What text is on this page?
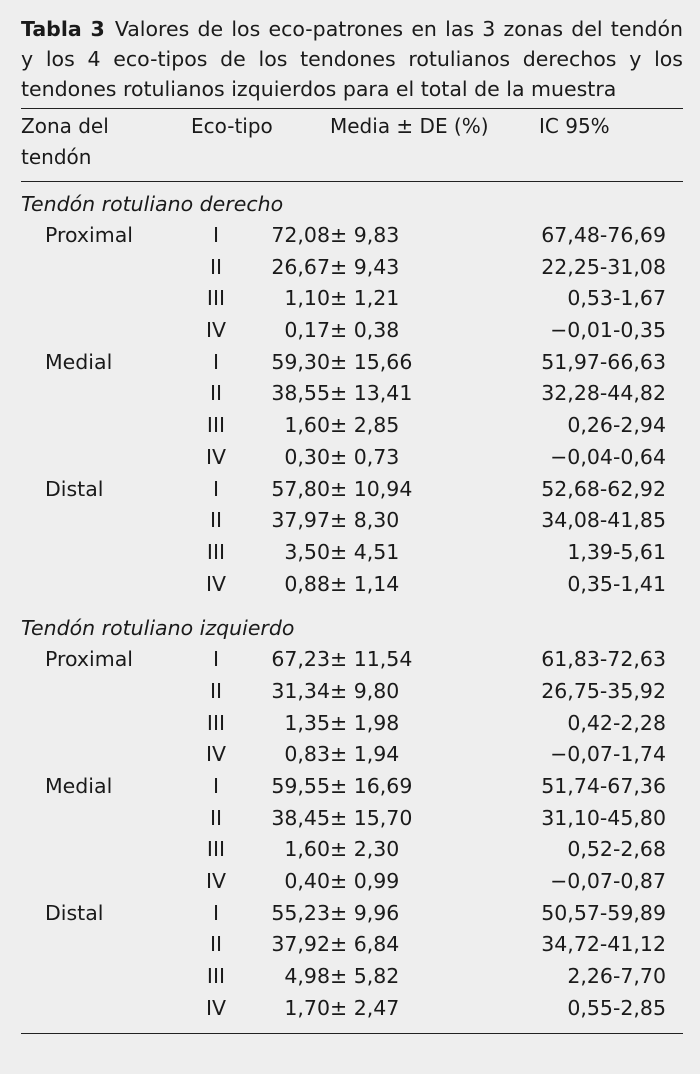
Tabla 3 Valores de los eco-patrones en las 3 zonas del tendón y los 4 eco-tipos de los tendones rotulianos derechos y los tendones rotulianos izquierdos para el total de la muestra
Zona del tendón
Eco-tipo	Media ± DE (%)	IC 95%
Tendón rotuliano derecho
Proximal	I	72,08± 9,83	67,48-76,69
II	26,67± 9,43	22,25-31,08
III	1,10± 1,21	0,53-1,67
IV	0,17± 0,38	−0,01-0,35
Medial	I	59,30± 15,66	51,97-66,63
II	38,55± 13,41	32,28-44,82
III	1,60± 2,85	0,26-2,94
IV	0,30± 0,73	−0,04-0,64
Distal	I	57,80± 10,94	52,68-62,92
II	37,97± 8,30	34,08-41,85
III	3,50± 4,51	1,39-5,61
IV	0,88± 1,14	0,35-1,41
Tendón rotuliano izquierdo
Proximal	I	67,23± 11,54	61,83-72,63
II	31,34± 9,80	26,75-35,92
III	1,35± 1,98	0,42-2,28
IV	0,83± 1,94	−0,07-1,74
Medial	I	59,55± 16,69	51,74-67,36
II	38,45± 15,70	31,10-45,80
III	1,60± 2,30	0,52-2,68
IV	0,40± 0,99	−0,07-0,87
Distal	I	55,23± 9,96	50,57-59,89
II	37,92± 6,84	34,72-41,12
III	4,98± 5,82	2,26-7,70
IV	1,70± 2,47	0,55-2,85
